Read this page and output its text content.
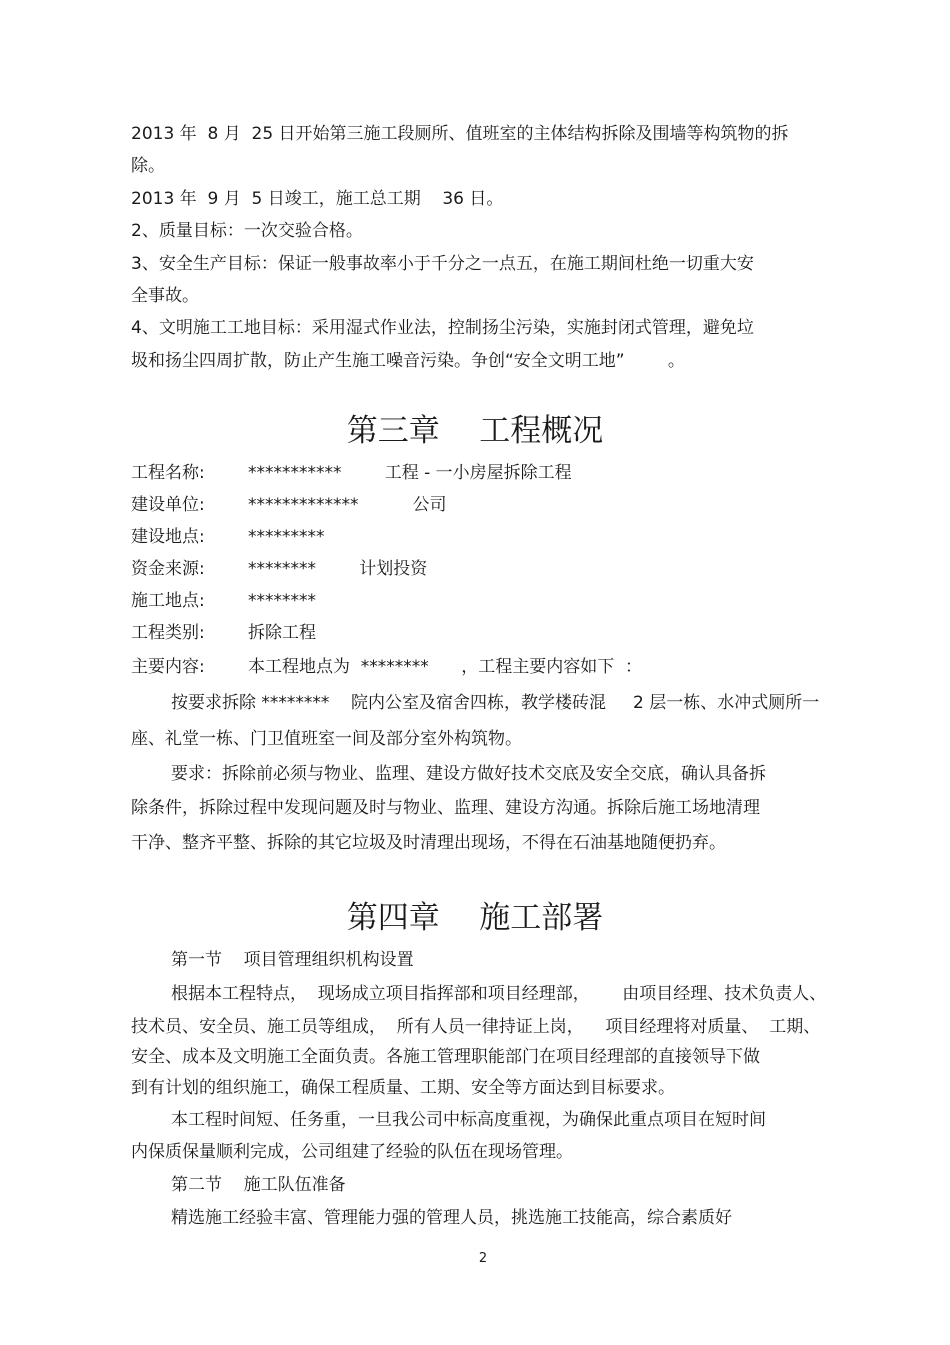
2013 年  8 月  25 日开始第三施工段厕所、值班室的主体结构拆除及围墙等构筑物的拆
除。
2013 年  9 月  5 日竣工，施工总工期    36 日。
2、质量目标：一次交验合格。
3、安全生产目标：保证一般事故率小于千分之一点五，在施工期间杜绝一切重大安
全事故。
4、文明施工工地目标：采用湿式作业法，控制扬尘污染，实施封闭式管理，避免垃
圾和扬尘四周扩散，防止产生施工噪音污染。争创“安全文明工地”        。
第三章    工程概况
工程名称:        ***********        工程 - 一小房屋拆除工程
建设单位:        *************          公司
建设地点:        *********
资金来源:        ********        计划投资
施工地点:        ********
工程类别:        拆除工程
主要内容:        本工程地点为  ********      ，工程主要内容如下  ：
按要求拆除 ********    院内公室及宿舍四栋，教学楼砖混     2 层一栋、水冲式厕所一
座、礼堂一栋、门卫值班室一间及部分室外构筑物。
要求：拆除前必须与物业、监理、建设方做好技术交底及安全交底，确认具备拆
除条件，拆除过程中发现问题及时与物业、监理、建设方沟通。拆除后施工场地清理
干净、整齐平整、拆除的其它垃圾及时清理出现场，不得在石油基地随便扔弃。
第四章    施工部署
第一节    项目管理组织机构设置
根据本工程特点，  现场成立项目指挥部和项目经理部，      由项目经理、技术负责人、
技术员、安全员、施工员等组成，  所有人员一律持证上岗，    项目经理将对质量、  工期、
安全、成本及文明施工全面负责。各施工管理职能部门在项目经理部的直接领导下做
到有计划的组织施工，确保工程质量、工期、安全等方面达到目标要求。
本工程时间短、任务重，一旦我公司中标高度重视，为确保此重点项目在短时间
内保质保量顺利完成，公司组建了经验的队伍在现场管理。
第二节    施工队伍准备
精选施工经验丰富、管理能力强的管理人员，挑选施工技能高，综合素质好
2
